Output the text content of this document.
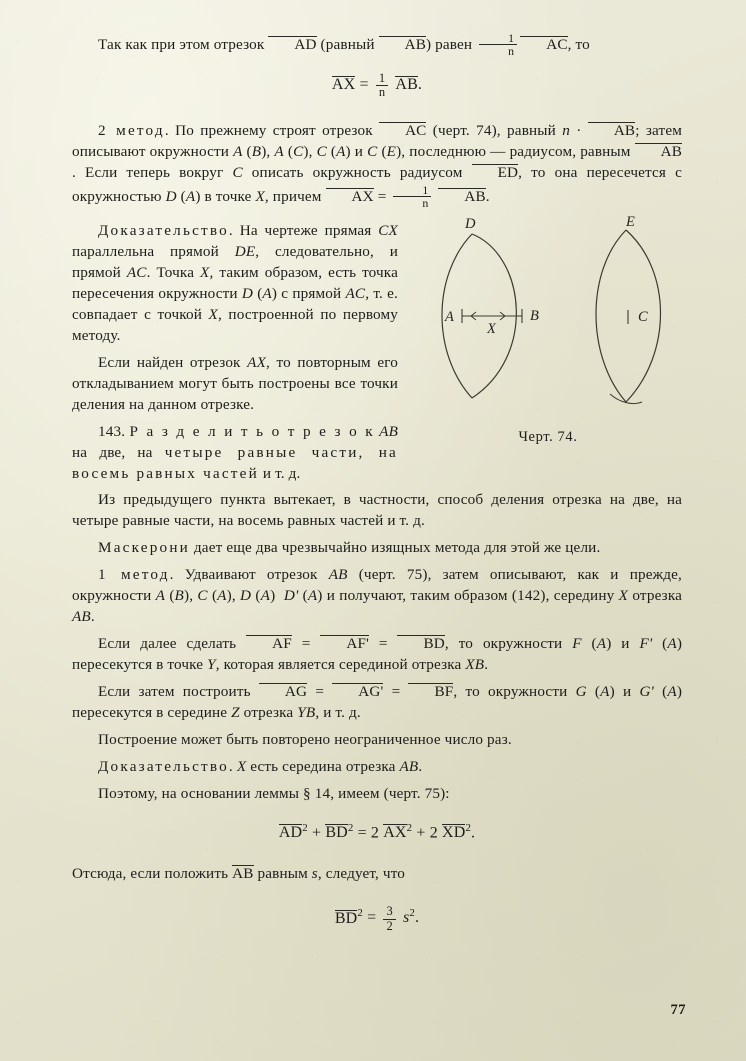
Так как при этом отрезок AD (равный AB) равен $\frac{1}{n}$ AC, то

AX = $\frac{1}{n}$ AB.

2 метод. По прежнему строят отрезок AC (черт. 74), равный n · AB; затем описывают окружности A (B), A (C), C (A) и C (E), последнюю — радиусом, равным AB. Если теперь вокруг C описать окружность радиусом ED, то она пересечется с окружностью D (A) в точке X, причем AX = $\frac{1}{n}$ AB.

D	E
A	B	C
X
Черт. 74.

Доказательство. На чертеже прямая CX параллельна прямой DE, следовательно, и прямой AC. Точка X, таким образом, есть точка пересечения окружности D (A) с прямой AC, т. е. совпадает с точкой X, построенной по первому методу.

Если найден отрезок AX, то повторным его откладыванием могут быть построены все точки деления на данном отрезке.

143. Р а з д е л и т ь о т р е з о к AB на две, на четыре равные части, на восемь равных частей и т. д.

Из предыдущего пункта вытекает, в частности, способ деления отрезка на две, на четыре равные части, на восемь равных частей и т. д.

Маскерони дает еще два чрезвычайно изящных метода для этой же цели.

1 метод. Удваивают отрезок AB (черт. 75), затем описывают, как и прежде, окружности A (B), C (A), D (A)  D' (A) и получают, таким образом (142), середину X отрезка AB.

Если далее сделать AF = AF' = BD, то окружности F (A) и F' (A) пересекутся в точке Y, которая является серединой отрезка XB.

Если затем построить AG = AG' = BF, то окружности G (A) и G' (A) пересекутся в середине Z отрезка YB, и т. д.

Построение может быть повторено неограниченное число раз.

Доказательство. X есть середина отрезка AB.

Поэтому, на основании леммы § 14, имеем (черт. 75):

$AD^2 + BD^2 = 2$ $AX^2 + 2$ $XD^2$.

Отсюда, если положить AB равным s, следует, что

$BD^2 = \frac{3}{2} s^2$.

77
